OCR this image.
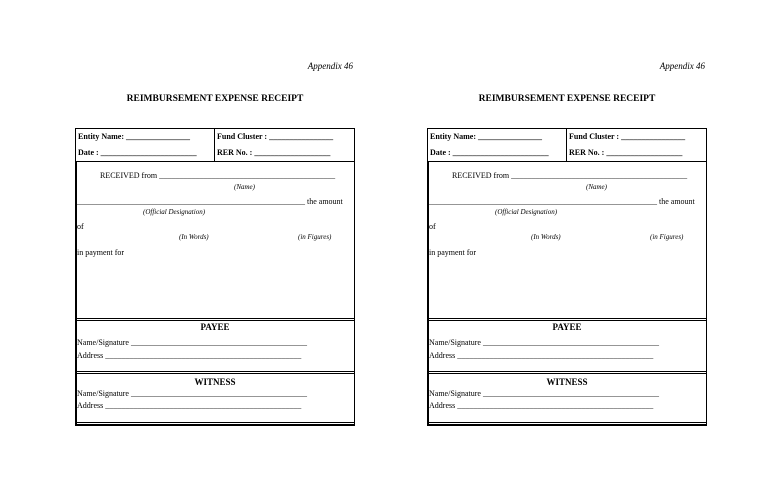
Appendix 46
REIMBURSEMENT EXPENSE RECEIPT
Entity Name: ________________	Fund Cluster : ________________
Date : ________________________	RER No. : ___________________
RECEIVED from ____________________________________________
(Name)
_________________________________________________________ the amount
(Official Designation)
of
(In Words)	(in Figures)
in payment for
PAYEE
Name/Signature ____________________________________________
Address _________________________________________________
WITNESS
Name/Signature ____________________________________________
Address _________________________________________________
Appendix 46
REIMBURSEMENT EXPENSE RECEIPT
Entity Name: ________________	Fund Cluster : ________________
Date : ________________________	RER No. : ___________________
RECEIVED from ____________________________________________
(Name)
_________________________________________________________ the amount
(Official Designation)
of
(In Words)	(in Figures)
in payment for
PAYEE
Name/Signature ____________________________________________
Address _________________________________________________
WITNESS
Name/Signature ____________________________________________
Address _________________________________________________
